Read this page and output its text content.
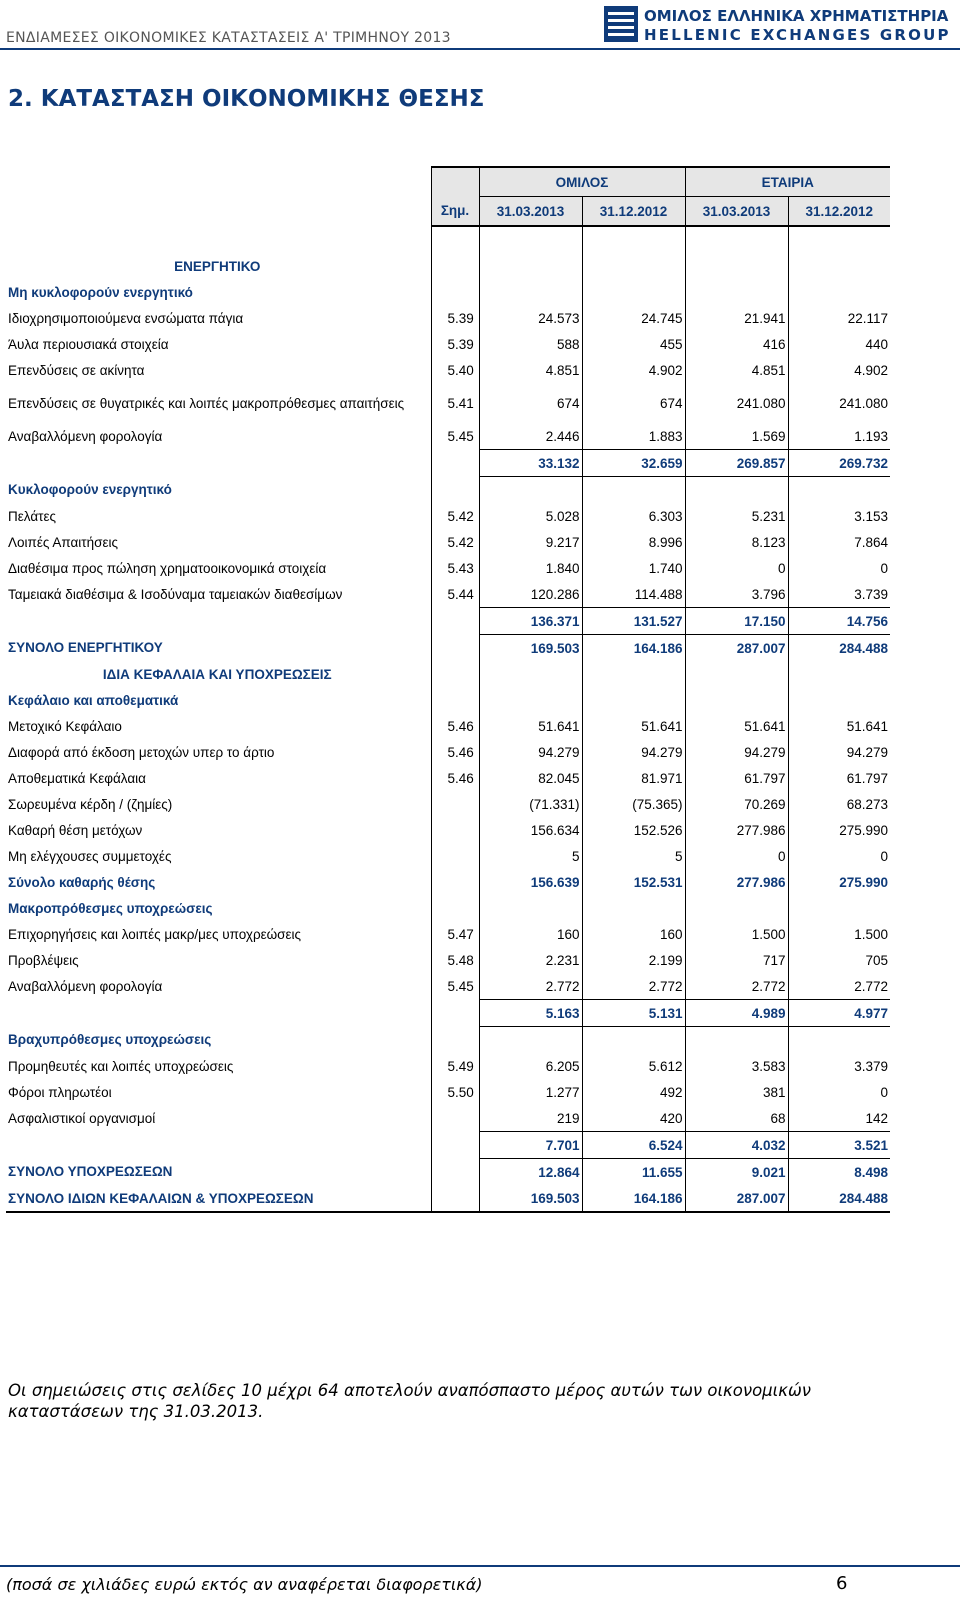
ΕΝΔΙΑΜΕΣΕΣ ΟΙΚΟΝΟΜΙΚΕΣ ΚΑΤΑΣΤΑΣΕΙΣ Α' ΤΡΙΜΗΝΟΥ 2013
ΟΜΙΛΟΣ ΕΛΛΗΝΙΚΑ ΧΡΗΜΑΤΙΣΤΗΡΙΑ
HELLENIC EXCHANGES GROUP
2. ΚΑΤΑΣΤΑΣΗ ΟΙΚΟΝΟΜΙΚΗΣ ΘΕΣΗΣ
		ΟΜΙΛΟΣ		ΕΤΑΙΡΙΑ	
	Σημ.	31.03.2013	31.12.2012	31.03.2013	31.12.2012

ΕΝΕΡΓΗΤΙΚΟ					
Μη κυκλοφορούν ενεργητικό					
Ιδιοχρησιμοποιούμενα ενσώματα πάγια	5.39	24.573	24.745	21.941	22.117
Άυλα περιουσιακά στοιχεία	5.39	588	455	416	440
Επενδύσεις σε ακίνητα	5.40	4.851	4.902	4.851	4.902
Επενδύσεις σε θυγατρικές και λοιπές μακροπρόθεσμες απαιτήσεις	5.41	674	674	241.080	241.080
Αναβαλλόμενη φορολογία	5.45	2.446	1.883	1.569	1.193
		33.132	32.659	269.857	269.732
Κυκλοφορούν ενεργητικό					
Πελάτες	5.42	5.028	6.303	5.231	3.153
Λοιπές Απαιτήσεις	5.42	9.217	8.996	8.123	7.864
Διαθέσιμα προς πώληση χρηματοοικονομικά στοιχεία	5.43	1.840	1.740	0	0
Ταμειακά διαθέσιμα & Ισοδύναμα ταμειακών διαθεσίμων	5.44	120.286	114.488	3.796	3.739
		136.371	131.527	17.150	14.756
ΣΥΝΟΛΟ ΕΝΕΡΓΗΤΙΚΟΥ		169.503	164.186	287.007	284.488
ΙΔΙΑ ΚΕΦΑΛΑΙΑ ΚΑΙ ΥΠΟΧΡΕΩΣΕΙΣ					
Κεφάλαιο και αποθεματικά					
Μετοχικό Κεφάλαιο	5.46	51.641	51.641	51.641	51.641
Διαφορά από έκδοση μετοχών υπερ το άρτιο	5.46	94.279	94.279	94.279	94.279
Αποθεματικά Κεφάλαια	5.46	82.045	81.971	61.797	61.797
Σωρευμένα κέρδη / (ζημίες)		(71.331)	(75.365)	70.269	68.273
Καθαρή θέση μετόχων		156.634	152.526	277.986	275.990
Μη ελέγχουσες συμμετοχές		5	5	0	0
Σύνολο καθαρής θέσης		156.639	152.531	277.986	275.990
Μακροπρόθεσμες υποχρεώσεις					
Επιχορηγήσεις και λοιπές μακρ/μες υποχρεώσεις	5.47	160	160	1.500	1.500
Προβλέψεις	5.48	2.231	2.199	717	705
Αναβαλλόμενη φορολογία	5.45	2.772	2.772	2.772	2.772
		5.163	5.131	4.989	4.977
Βραχυπρόθεσμες υποχρεώσεις					
Προμηθευτές και λοιπές υποχρεώσεις	5.49	6.205	5.612	3.583	3.379
Φόροι πληρωτέοι	5.50	1.277	492	381	0
Ασφαλιστικοί οργανισμοί		219	420	68	142
		7.701	6.524	4.032	3.521
ΣΥΝΟΛΟ ΥΠΟΧΡΕΩΣΕΩΝ		12.864	11.655	9.021	8.498
ΣΥΝΟΛΟ ΙΔΙΩΝ ΚΕΦΑΛΑΙΩΝ & ΥΠΟΧΡΕΩΣΕΩΝ		169.503	164.186	287.007	284.488
Οι σημειώσεις στις σελίδες 10 μέχρι 64 αποτελούν αναπόσπαστο μέρος αυτών των οικονομικών καταστάσεων της 31.03.2013.
(ποσά σε χιλιάδες ευρώ εκτός αν αναφέρεται διαφορετικά)	6
